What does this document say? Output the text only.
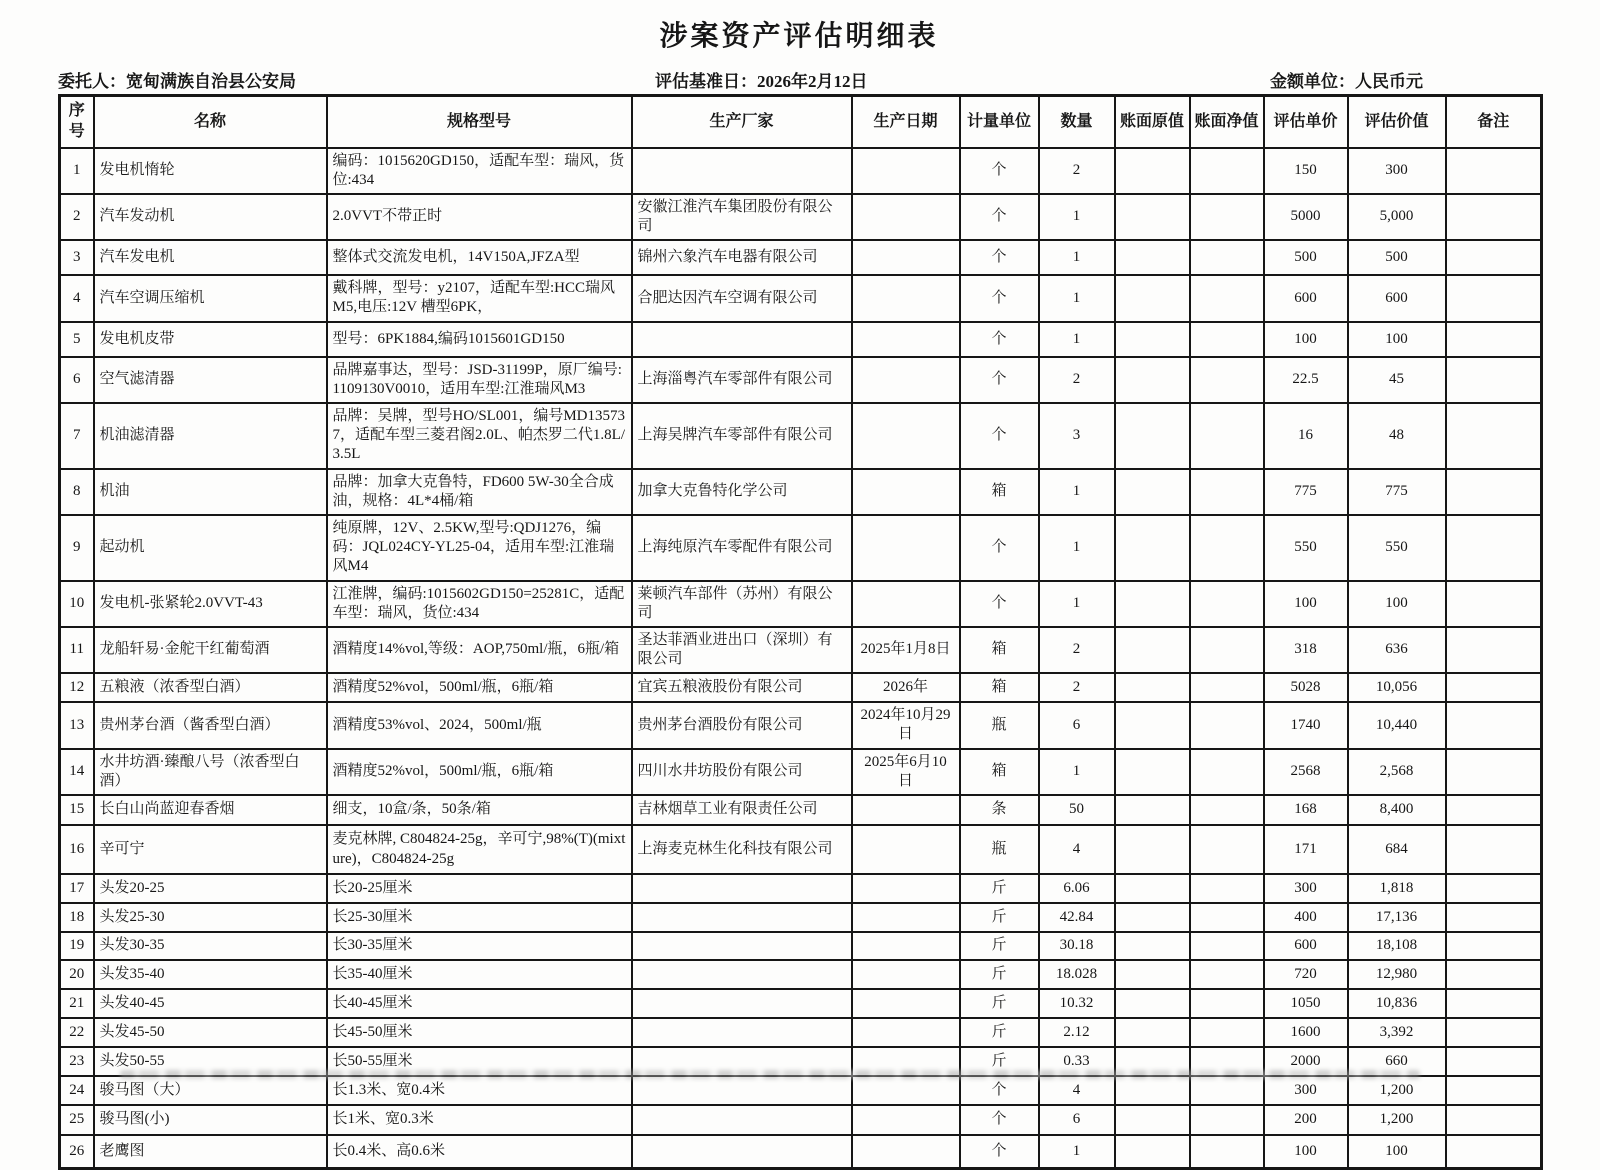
涉案资产评估明细表
委托人：宽甸满族自治县公安局	评估基准日：2026年2月12日	金额单位：人民币元
序号	名称	规格型号	生产厂家	生产日期	计量单位	数量	账面原值	账面净值	评估单价	评估价值	备注
1	发电机惰轮	编码：1015620GD150，适配车型：瑞风，货位:434			个	2			150	300	
2	汽车发动机	2.0VVT不带正时	安徽江淮汽车集团股份有限公司		个	1			5000	5,000	
3	汽车发电机	整体式交流发电机，14V150A,JFZA型	锦州六象汽车电器有限公司		个	1			500	500	
4	汽车空调压缩机	戴科牌，型号：y2107，适配车型:HCC瑞风M5,电压:12V 槽型6PK，	合肥达因汽车空调有限公司		个	1			600	600	
5	发电机皮带	型号：6PK1884,编码1015601GD150			个	1			100	100	
6	空气滤清器	品牌嘉事达，型号：JSD-31199P，原厂编号:1109130V0010，适用车型:江淮瑞风M3	上海淄粤汽车零部件有限公司		个	2			22.5	45	
7	机油滤清器	品牌：吴牌，型号HO/SL001，编号MD135737，适配车型三菱君阁2.0L、帕杰罗二代1.8L/3.5L	上海吴牌汽车零部件有限公司		个	3			16	48	
8	机油	品牌：加拿大克鲁特，FD600 5W-30全合成油，规格：4L*4桶/箱	加拿大克鲁特化学公司		箱	1			775	775	
9	起动机	纯原牌，12V、2.5KW,型号:QDJ1276，编码：JQL024CY-YL25-04，适用车型:江淮瑞风M4	上海纯原汽车零配件有限公司		个	1			550	550	
10	发电机-张紧轮2.0VVT-43	江淮牌，编码:1015602GD150=25281C，适配车型：瑞风，货位:434	莱顿汽车部件（苏州）有限公司		个	1			100	100	
11	龙船轩易·金舵干红葡萄酒	酒精度14%vol,等级：AOP,750ml/瓶，6瓶/箱	圣达菲酒业进出口（深圳）有限公司	2025年1月8日	箱	2			318	636	
12	五粮液（浓香型白酒）	酒精度52%vol，500ml/瓶，6瓶/箱	宜宾五粮液股份有限公司	2026年	箱	2			5028	10,056	
13	贵州茅台酒（酱香型白酒）	酒精度53%vol、2024，500ml/瓶	贵州茅台酒股份有限公司	2024年10月29日	瓶	6			1740	10,440	
14	水井坊酒·臻酿八号（浓香型白酒）	酒精度52%vol，500ml/瓶，6瓶/箱	四川水井坊股份有限公司	2025年6月10日	箱	1			2568	2,568	
15	长白山尚蓝迎春香烟	细支，10盒/条，50条/箱	吉林烟草工业有限责任公司		条	50			168	8,400	
16	辛可宁	麦克林牌, C804824-25g，辛可宁,98%(T)(mixture)，C804824-25g	上海麦克林生化科技有限公司		瓶	4			171	684	
17	头发20-25	长20-25厘米			斤	6.06			300	1,818	
18	头发25-30	长25-30厘米			斤	42.84			400	17,136	
19	头发30-35	长30-35厘米			斤	30.18			600	18,108	
20	头发35-40	长35-40厘米			斤	18.028			720	12,980	
21	头发40-45	长40-45厘米			斤	10.32			1050	10,836	
22	头发45-50	长45-50厘米			斤	2.12			1600	3,392	
23	头发50-55	长50-55厘米			斤	0.33			2000	660	
24	骏马图（大）	长1.3米、宽0.4米			个	4			300	1,200	
25	骏马图(小)	长1米、宽0.3米			个	6			200	1,200	
26	老鹰图	长0.4米、高0.6米			个	1			100	100	
